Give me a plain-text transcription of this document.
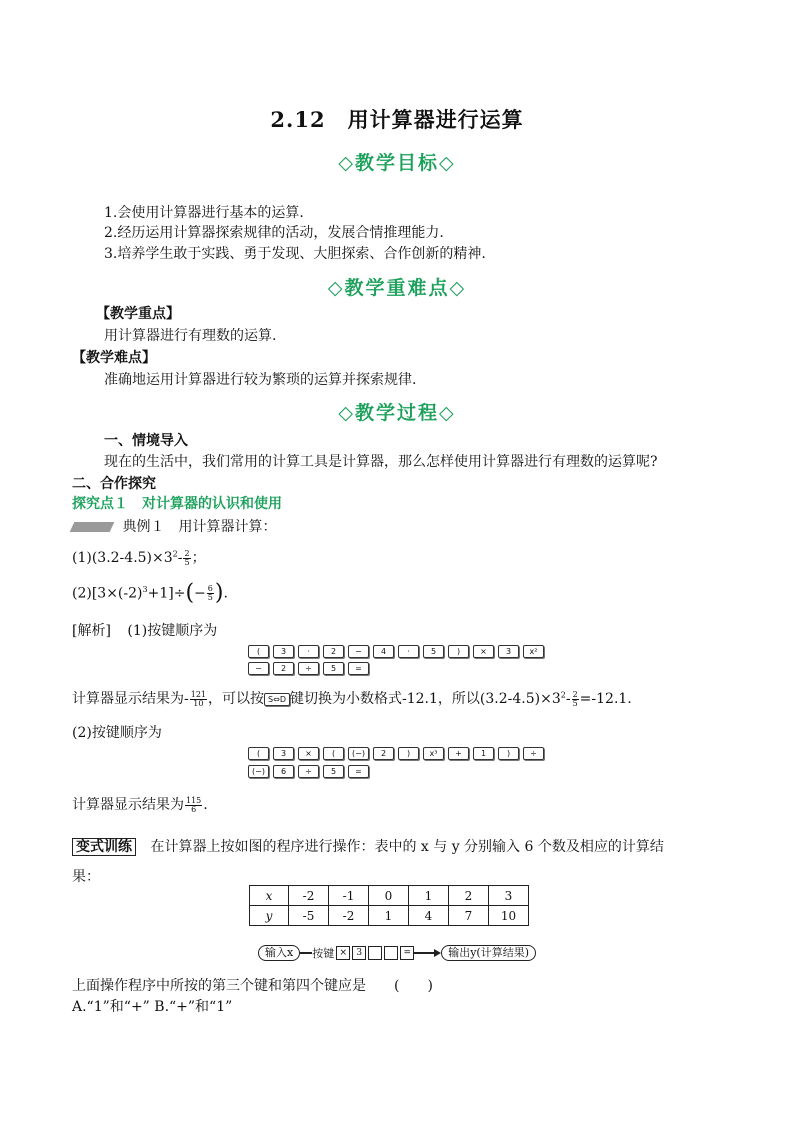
2.12　用计算器进行运算
◇教学目标◇
1.会使用计算器进行基本的运算.
2.经历运用计算器探索规律的活动，发展合情推理能力.
3.培养学生敢于实践、勇于发现、大胆探索、合作创新的精神.
◇教学重难点◇
【教学重点】
用计算器进行有理数的运算.
【教学难点】
准确地运用计算器进行较为繁琐的运算并探索规律.
◇教学过程◇
一、情境导入
现在的生活中，我们常用的计算工具是计算器，那么怎样使用计算器进行有理数的运算呢?
二、合作探究
探究点１　对计算器的认识和使用
典例１　用计算器计算：
$(1)(3.2-4.5)\times 3^2- \frac{2}{5}$ ；
$(2)[3\times(-2)^3+1]\div(- \frac{6}{5}$ ).
[解析] (1)按键顺序为
(	3	·	2	−	4	·	5	)	×	3	x²
−	2	÷	5	=
计算器显示结果为- $\frac{121}{10}$ ，可以按 S⇔D 键切换为小数格式-12.1，所以$(3.2-4.5)\times 3^2- \frac{2}{5} =-12.1$.
(2)按键顺序为
(	3	×	(	(−)	2	)	x³	+	1	)	÷
(−)	6	÷	5	=
计算器显示结果为 $\frac{115}{6}$ .
变式训练 在计算器上按如图的程序进行操作：表中的 x 与 y 分别输入 6 个数及相应的计算结
果：
x	-2	-1	0	1	2	3
y	-5	-2	1	4	7	10
输入x	按键 ×	3	=	输出y(计算结果)
上面操作程序中所按的第三个键和第四个键应是　　(　　)
A.“1”和“+” B.“+”和“1”
